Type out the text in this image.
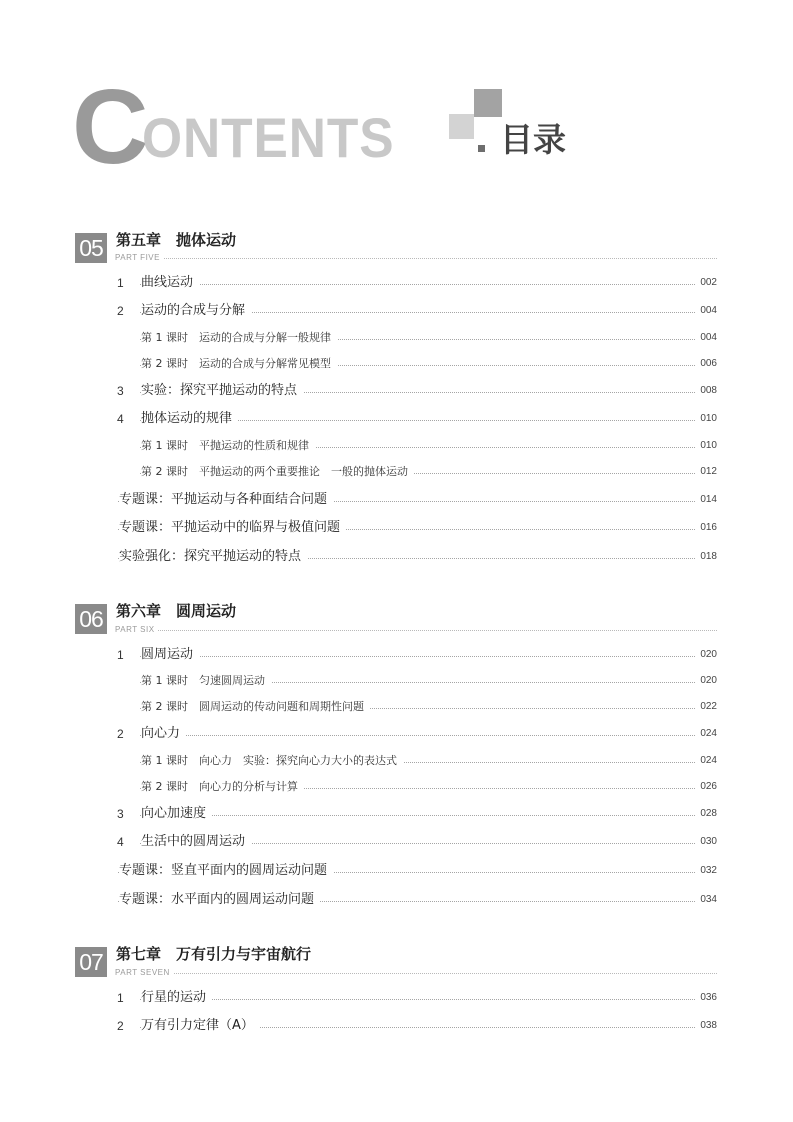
C
ONTENTS	目录
05 第五章　抛体运动
PART FIVE
1	曲线运动	002
2	运动的合成与分解	004
第 1 课时　运动的合成与分解一般规律	004
第 2 课时　运动的合成与分解常见模型	006
3	实验：探究平抛运动的特点	008
4	抛体运动的规律	010
第 1 课时　平抛运动的性质和规律	010
第 2 课时　平抛运动的两个重要推论　一般的抛体运动	012
专题课：平抛运动与各种面结合问题	014
专题课：平抛运动中的临界与极值问题	016
实验强化：探究平抛运动的特点	018
06 第六章　圆周运动
PART SIX
1	圆周运动	020
第 1 课时　匀速圆周运动	020
第 2 课时　圆周运动的传动问题和周期性问题	022
2	向心力	024
第 1 课时　向心力　实验：探究向心力大小的表达式	024
第 2 课时　向心力的分析与计算	026
3	向心加速度	028
4	生活中的圆周运动	030
专题课：竖直平面内的圆周运动问题	032
专题课：水平面内的圆周运动问题	034
07 第七章　万有引力与宇宙航行
PART SEVEN
1	行星的运动	036
2	万有引力定律（A）	038
